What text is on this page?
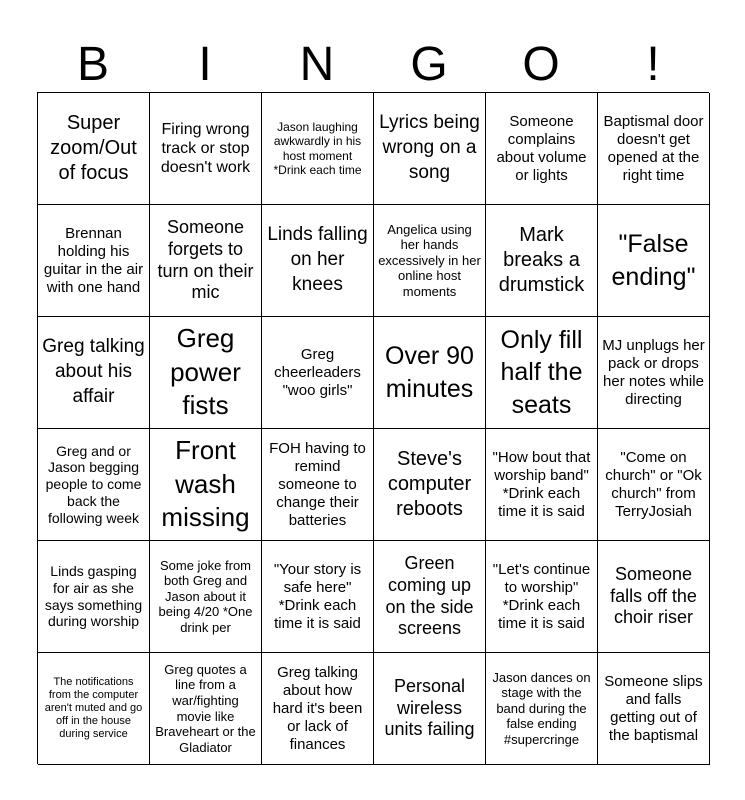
B	I	N	G	O	!
Super zoom/Out of focus
Firing wrong track or stop doesn't work
Jason laughing awkwardly in his host moment *Drink each time
Lyrics being wrong on a song
Someone complains about volume or lights
Baptismal door doesn't get opened at the right time
Brennan holding his guitar in the air with one hand
Someone forgets to turn on their mic
Linds falling on her knees
Angelica using her hands excessively in her online host moments
Mark breaks a drumstick
"False ending"
Greg talking about his affair
Greg power fists
Greg cheerleaders "woo girls"
Over 90 minutes
Only fill half the seats
MJ unplugs her pack or drops her notes while directing
Greg and or Jason begging people to come back the following week
Front wash missing
FOH having to remind someone to change their batteries
Steve's computer reboots
"How bout that worship band" *Drink each time it is said
"Come on church" or "Ok church" from TerryJosiah
Linds gasping for air as she says something during worship
Some joke from both Greg and Jason about it being 4/20 *One drink per
"Your story is safe here" *Drink each time it is said
Green coming up on the side screens
"Let's continue to worship" *Drink each time it is said
Someone falls off the choir riser
The notifications from the computer aren't muted and go off in the house during service
Greg quotes a line from a war/fighting movie like Braveheart or the Gladiator
Greg talking about how hard it's been or lack of finances
Personal wireless units failing
Jason dances on stage with the band during the false ending #supercringe
Someone slips and falls getting out of the baptismal
